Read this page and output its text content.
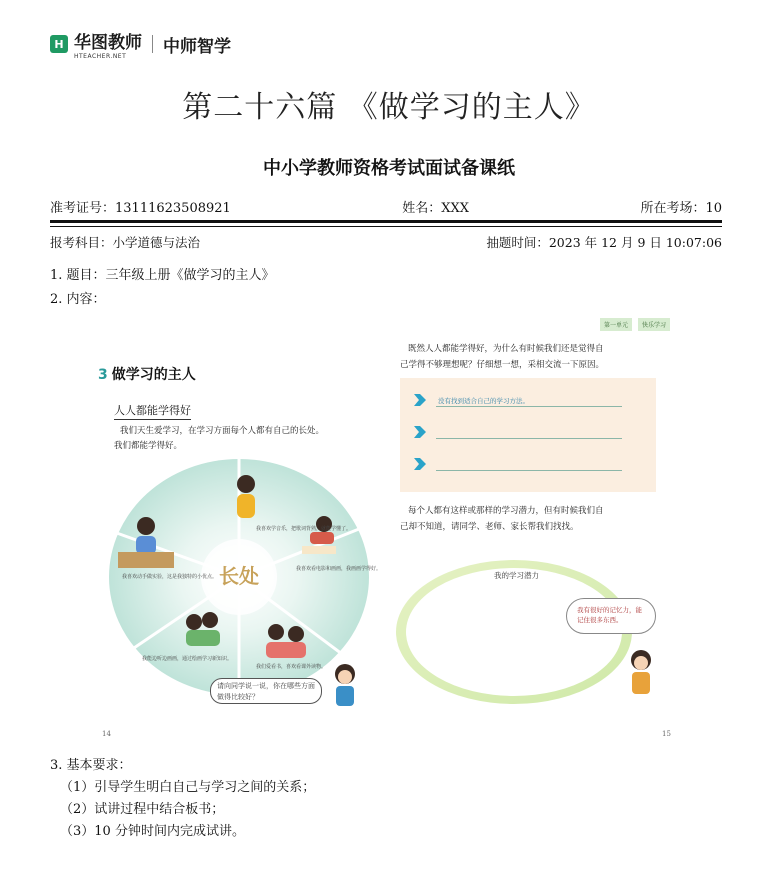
H 华图教师
HTEACHER.NET	中师智学
第二十六篇 《做学习的主人》
中小学教师资格考试面试备课纸
准考证号：13111623508921	姓名：XXX	所在考场：10
报考科目：小学道德与法治	抽题时间：2023 年 12 月 9 日 10:07:06
1. 题目：三年级上册《做学习的主人》
2. 内容：
3 做学习的主人
人人都能学得好
我们天生爱学习，在学习方面每个人都有自己的长处。
我们都能学得好。
长处
我喜欢学音乐，把歌词背熟，就能学懂了。
我喜欢看电影和画画，我画画学得好。
我喜欢动手做实验，这是我独特的小优点。
我们爱看书，喜欢看课外读物。
我能边听边画画，通过绘画学习新知识。
请向同学说一说，你在哪些方面做得比较好？
14
第一单元	快乐学习
既然人人都能学得好，为什么有时候我们还是觉得自
己学得不够理想呢？仔细想一想，采相交流一下原因。
没有找到适合自己的学习方法。
每个人都有这样或那样的学习潜力，但有时候我们自
己却不知道，请同学、老师、家长帮我们找找。
我的学习潜力
我有很好的记忆力，能记住很多东西。
15
3. 基本要求：
（1）引导学生明白自己与学习之间的关系；
（2）试讲过程中结合板书；
（3）10 分钟时间内完成试讲。
